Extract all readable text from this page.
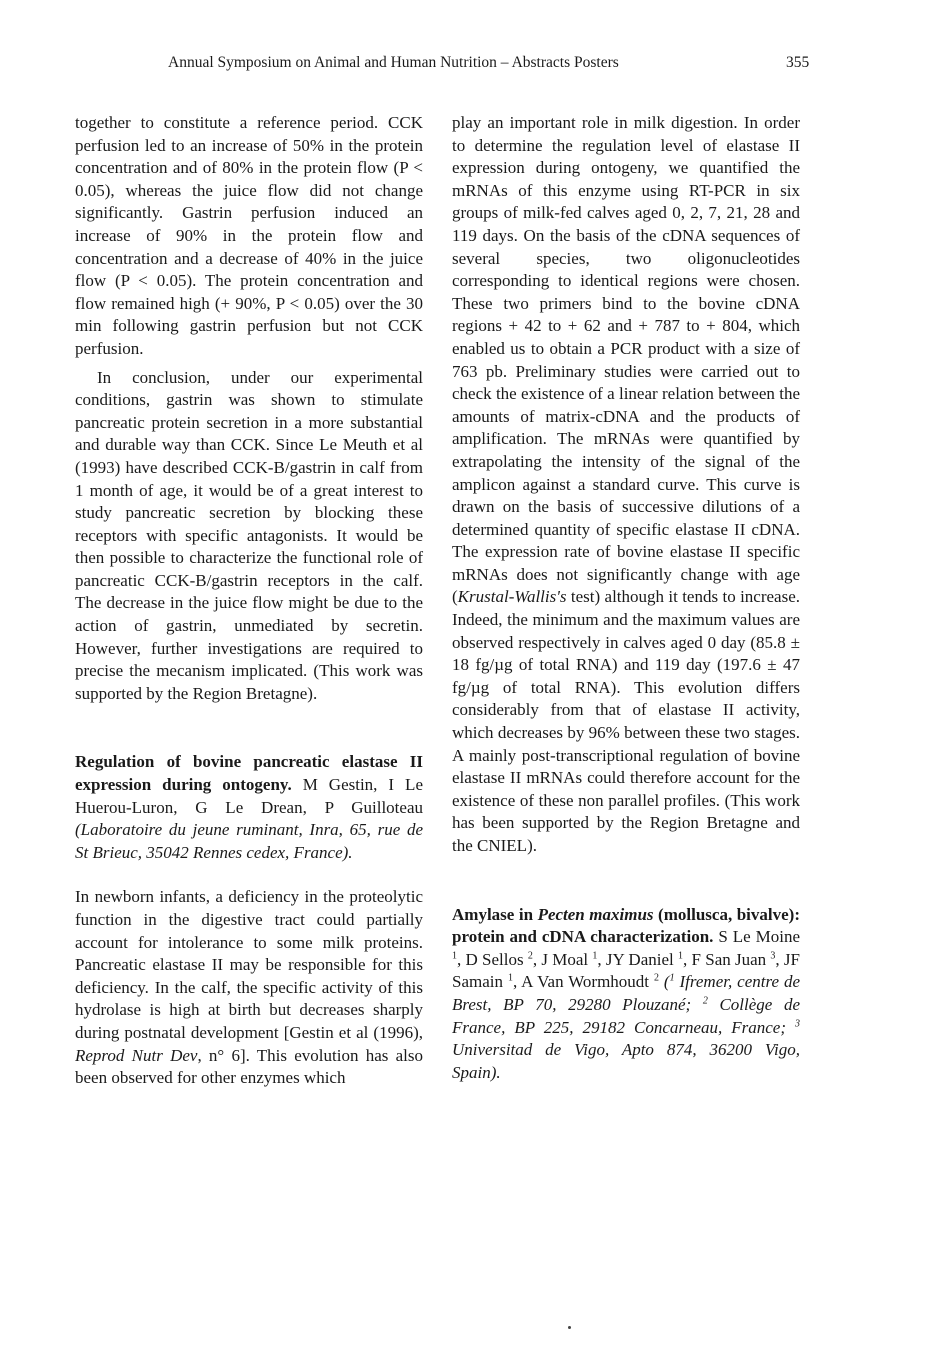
Annual Symposium on Animal and Human Nutrition – Abstracts Posters	355

together to constitute a reference period. CCK perfusion led to an increase of 50% in the protein concentration and of 80% in the protein flow (P < 0.05), whereas the juice flow did not change significantly. Gastrin perfusion induced an increase of 90% in the protein flow and concentration and a decrease of 40% in the juice flow (P < 0.05). The protein concentration and flow remained high (+ 90%, P < 0.05) over the 30 min following gastrin perfusion but not CCK perfusion.

In conclusion, under our experimental conditions, gastrin was shown to stimulate pancreatic protein secretion in a more substantial and durable way than CCK. Since Le Meuth et al (1993) have described CCK-B/gastrin in calf from 1 month of age, it would be of a great interest to study pancreatic secretion by blocking these receptors with specific antagonists. It would be then possible to characterize the functional role of pancreatic CCK-B/gastrin receptors in the calf. The decrease in the juice flow might be due to the action of gastrin, unmediated by secretin. However, further investigations are required to precise the mecanism implicated. (This work was supported by the Region Bretagne).

Regulation of bovine pancreatic elastase II expression during ontogeny. M Gestin, I Le Huerou-Luron, G Le Drean, P Guilloteau (Laboratoire du jeune ruminant, Inra, 65, rue de St Brieuc, 35042 Rennes cedex, France).

In newborn infants, a deficiency in the proteolytic function in the digestive tract could partially account for intolerance to some milk proteins. Pancreatic elastase II may be responsible for this deficiency. In the calf, the specific activity of this hydrolase is high at birth but decreases sharply during postnatal development [Gestin et al (1996), Reprod Nutr Dev, n° 6]. This evolution has also been observed for other enzymes which

play an important role in milk digestion. In order to determine the regulation level of elastase II expression during ontogeny, we quantified the mRNAs of this enzyme using RT-PCR in six groups of milk-fed calves aged 0, 2, 7, 21, 28 and 119 days. On the basis of the cDNA sequences of several species, two oligonucleotides corresponding to identical regions were chosen. These two primers bind to the bovine cDNA regions + 42 to + 62 and + 787 to + 804, which enabled us to obtain a PCR product with a size of 763 pb. Preliminary studies were carried out to check the existence of a linear relation between the amounts of matrix-cDNA and the products of amplification. The mRNAs were quantified by extrapolating the intensity of the signal of the amplicon against a standard curve. This curve is drawn on the basis of successive dilutions of a determined quantity of specific elastase II cDNA. The expression rate of bovine elastase II specific mRNAs does not significantly change with age (Krustal-Wallis's test) although it tends to increase. Indeed, the minimum and the maximum values are observed respectively in calves aged 0 day (85.8 ± 18 fg/µg of total RNA) and 119 day (197.6 ± 47 fg/µg of total RNA). This evolution differs considerably from that of elastase II activity, which decreases by 96% between these two stages. A mainly post-transcriptional regulation of bovine elastase II mRNAs could therefore account for the existence of these non parallel profiles. (This work has been supported by the Region Bretagne and the CNIEL).

Amylase in Pecten maximus (mollusca, bivalve): protein and cDNA characterization. S Le Moine $^1$, D Sellos $^2$, J Moal $^1$, JY Daniel $^1$, F San Juan $^3$, JF Samain $^1$, A Van Wormhoudt $^2$ ($^1$ Ifremer, centre de Brest, BP 70, 29280 Plouzané; $^2$ Collège de France, BP 225, 29182 Concarneau, France; $^3$ Universitad de Vigo, Apto 874, 36200 Vigo, Spain).
